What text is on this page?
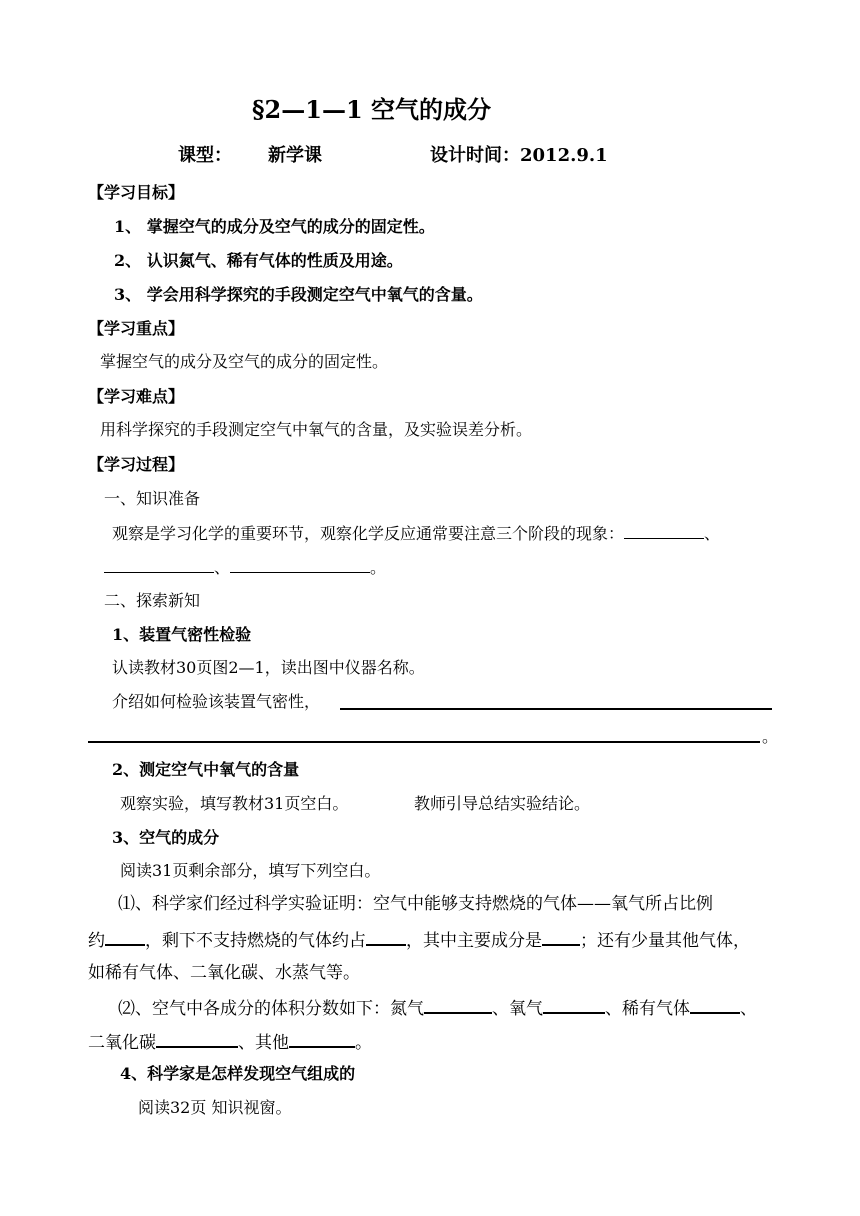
§2—1—1 空气的成分
课型： 新学课	设计时间：2012.9.1
【学习目标】
1、 掌握空气的成分及空气的成分的固定性。
2、 认识氮气、稀有气体的性质及用途。
3、 学会用科学探究的手段测定空气中氧气的含量。
【学习重点】
掌握空气的成分及空气的成分的固定性。
【学习难点】
用科学探究的手段测定空气中氧气的含量，及实验误差分析。
【学习过程】
一、知识准备
观察是学习化学的重要环节，观察化学反应通常要注意三个阶段的现象：	、
、	。
二、探索新知
1、装置气密性检验
认读教材30页图2—1，读出图中仪器名称。
介绍如何检验该装置气密性，
。
2、测定空气中氧气的含量
观察实验，填写教材31页空白。	教师引导总结实验结论。
3、空气的成分
阅读31页剩余部分，填写下列空白。
⑴、科学家们经过科学实验证明：空气中能够支持燃烧的气体——氧气所占比例
约 ，剩下不支持燃烧的气体约占 ，其中主要成分是 ；还有少量其他气体，
如稀有气体、二氧化碳、水蒸气等。
⑵、空气中各成分的体积分数如下：氮气	、氧气	、稀有气体	、
二氧化碳	、其他	。
4、科学家是怎样发现空气组成的
阅读32页 知识视窗。
